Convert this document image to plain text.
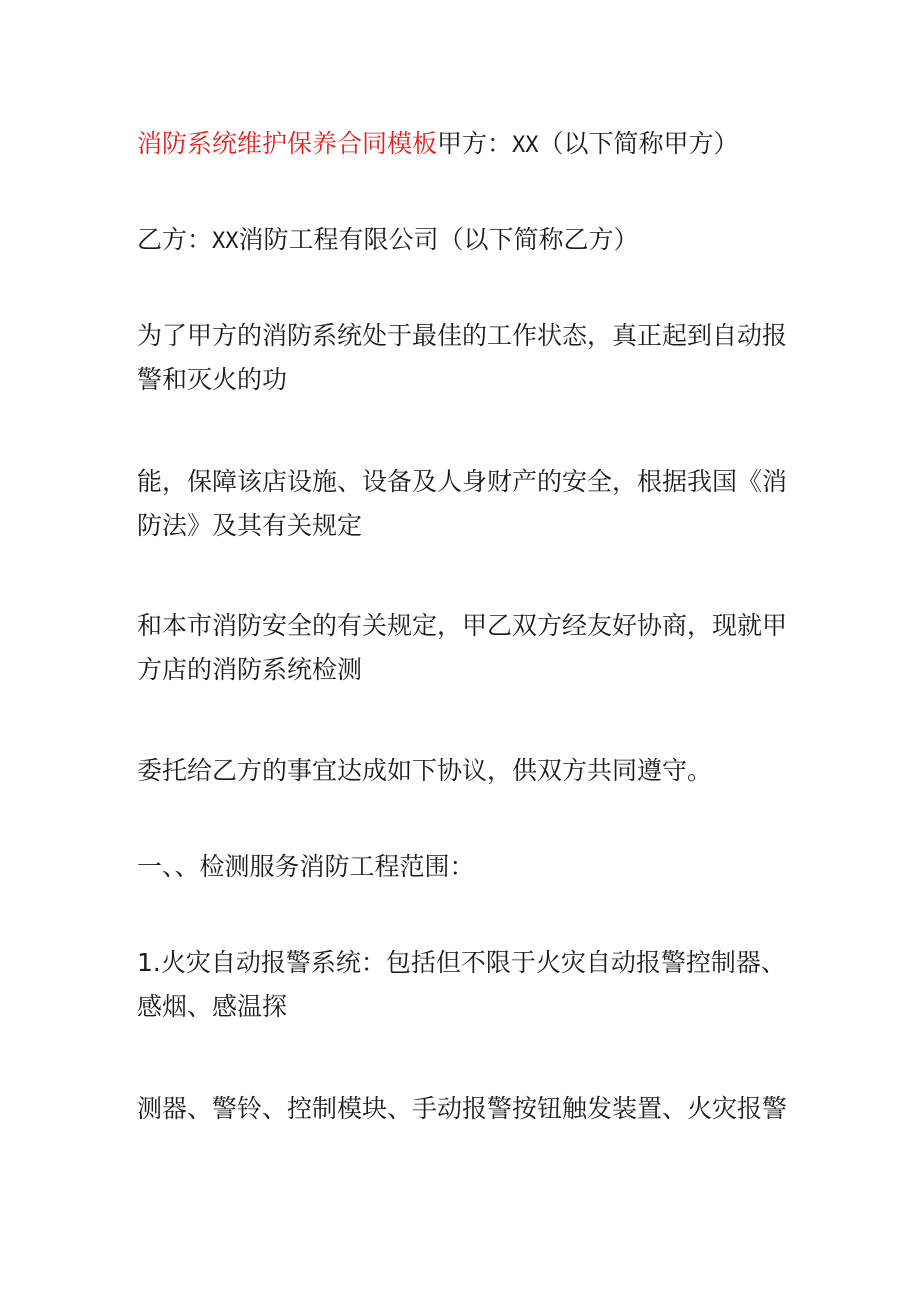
消防系统维护保养合同模板甲方：XX（以下简称甲方）

乙方：XX消防工程有限公司（以下简称乙方）

为了甲方的消防系统处于最佳的工作状态，真正起到自动报警和灭火的功

能，保障该店设施、设备及人身财产的安全，根据我国《消防法》及其有关规定

和本市消防安全的有关规定，甲乙双方经友好协商，现就甲方店的消防系统检测

委托给乙方的事宜达成如下协议，供双方共同遵守。

一、、检测服务消防工程范围：

1.火灾自动报警系统：包括但不限于火灾自动报警控制器、感烟、感温探

测器、警铃、控制模块、手动报警按钮触发装置、火灾报警
